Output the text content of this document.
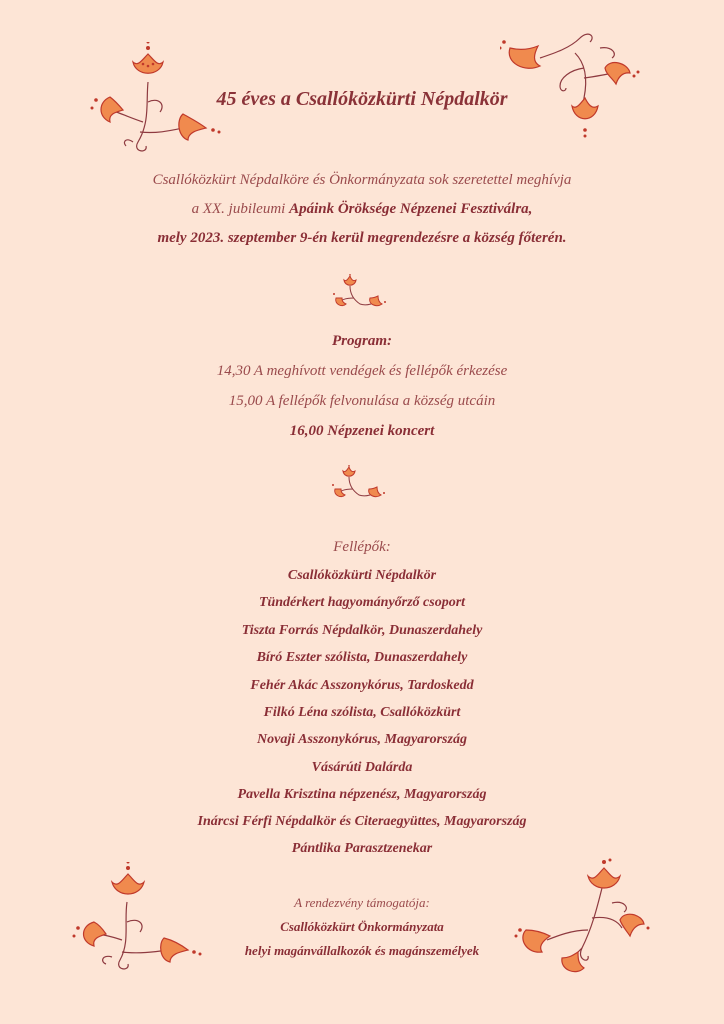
45 éves a Csallóközkürti Népdalkör
Csallóközkürt Népdalköre és Önkormányzata sok szeretettel meghívja
a XX. jubileumi Apáink Öröksége Népzenei Fesztiválra,
mely 2023. szeptember 9-én kerül megrendezésre a község főterén.
Program:
14,30 A meghívott vendégek és fellépők érkezése
15,00 A fellépők felvonulása a község utcáin
16,00 Népzenei koncert
Fellépők:
Csallóközkürti Népdalkör
Tündérkert hagyományőrző csoport
Tiszta Forrás Népdalkör, Dunaszerdahely
Bíró Eszter szólista, Dunaszerdahely
Fehér Akác Asszonykórus, Tardoskedd
Filkó Léna szólista, Csallóközkürt
Novaji Asszonykórus, Magyarország
Vásárúti Dalárda
Pavella Krisztina népzenész, Magyarország
Inárcsi Férfi Népdalkör és Citeraegyüttes, Magyarország
Pántlika Parasztzenekar
A rendezvény támogatója:
Csallóközkürt Önkormányzata
helyi magánvállalkozók és magánszemélyek
